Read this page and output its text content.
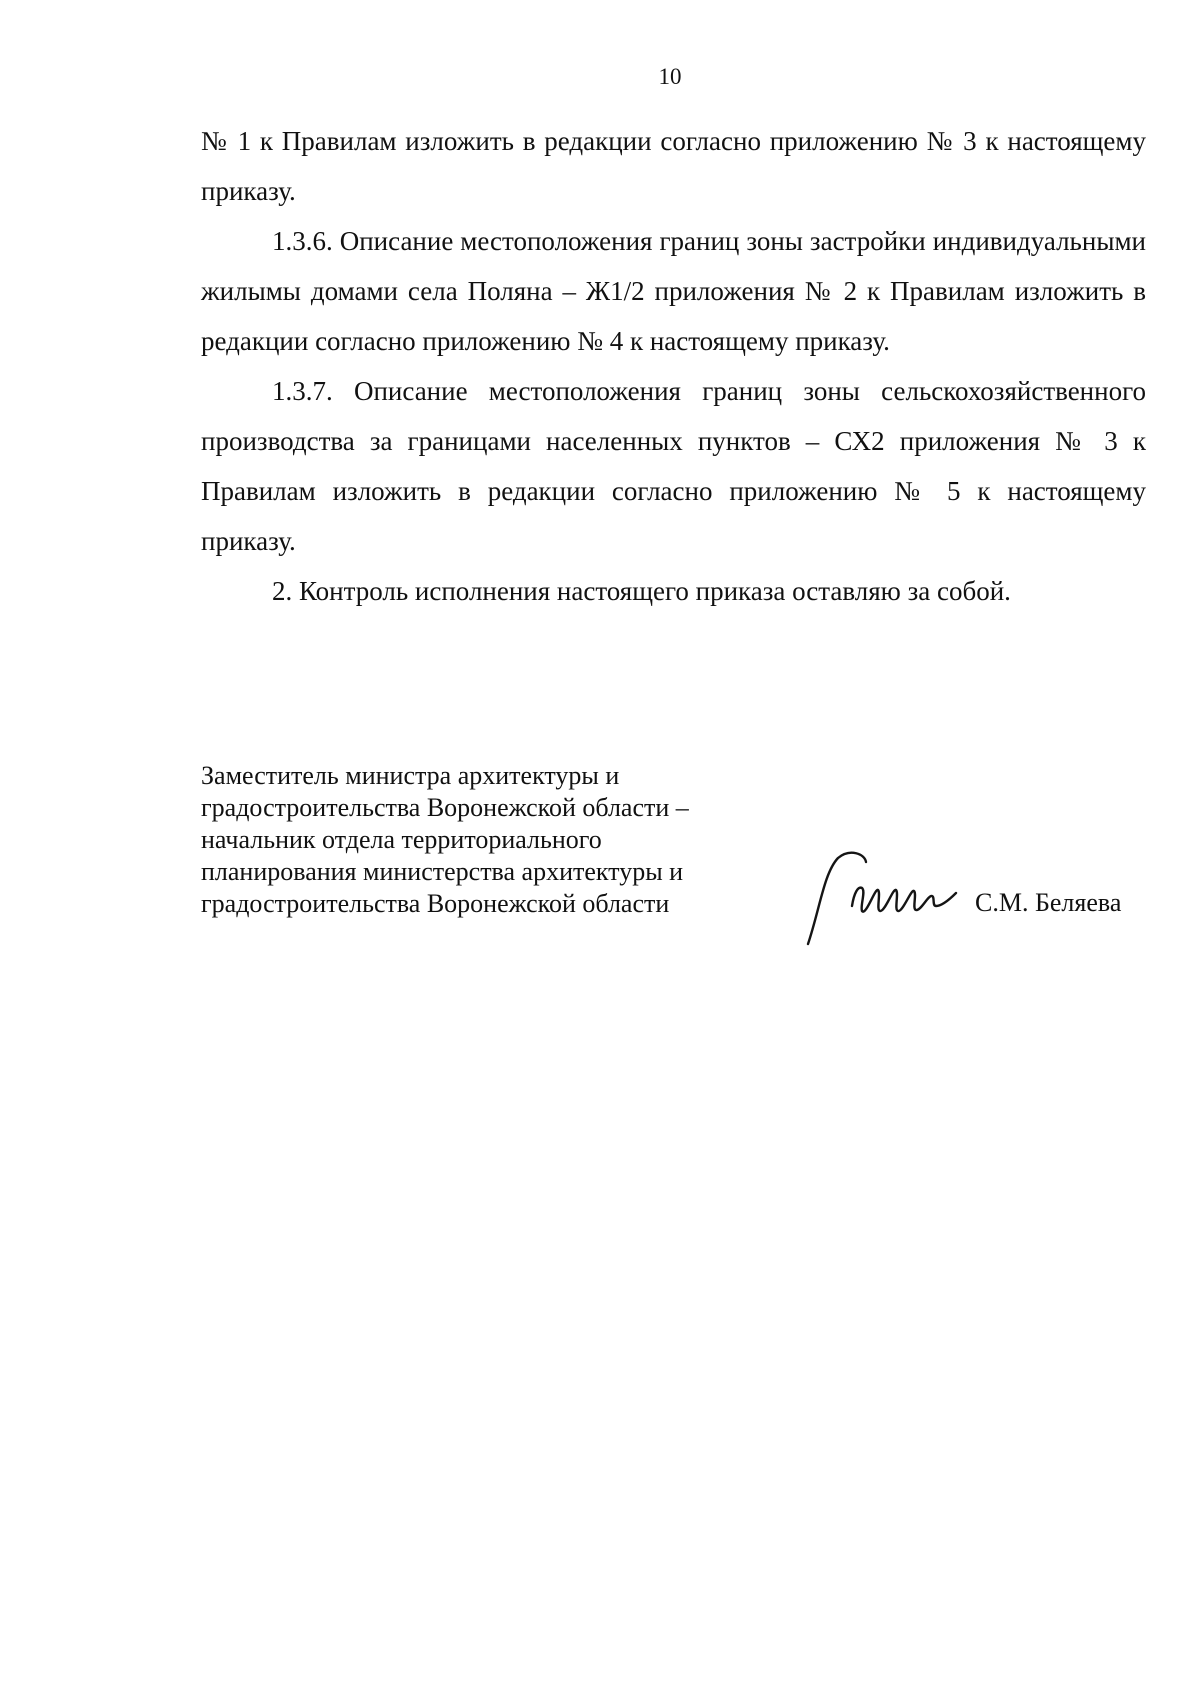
10

№ 1 к Правилам изложить в редакции согласно приложению № 3 к настоящему приказу.

1.3.6. Описание местоположения границ зоны застройки индивидуальными жилымы домами села Поляна – Ж1/2 приложения № 2 к Правилам изложить в редакции согласно приложению № 4 к настоящему приказу.

1.3.7. Описание местоположения границ зоны сельскохозяйственного производства за границами населенных пунктов – СХ2 приложения № 3 к Правилам изложить в редакции согласно приложению № 5 к настоящему приказу.

2. Контроль исполнения настоящего приказа оставляю за собой.

Заместитель министра архитектуры и
градостроительства Воронежской области –
начальник отдела территориального
планирования министерства архитектуры и
градостроительства Воронежской области	С.М. Беляева
